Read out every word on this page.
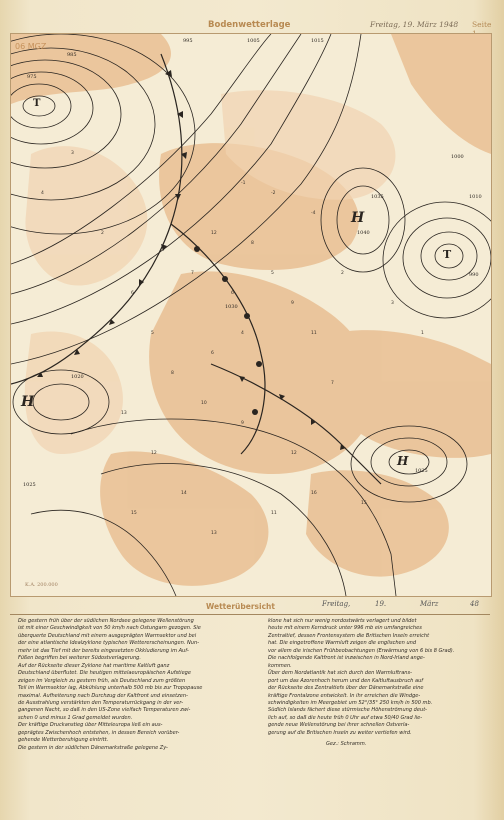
Bodenwetterlage	Freitag, 19. März 1948 Seite
12
8
7
6
5
9
11
4
6
8
10
9
12
7
5
13
12
14
15
13
11
16
15
3
4
2
6
2
3
1
-2
-4
-1
06 MGZ
1000
1010
990
975
985
995	1005	1015
1025
1025
1020
1030
1035
1040
H
H
H
T
T
K.A. 200.000
Wetterübersicht	Freitag,	19.	März	48

Die gestern früh über der südlichen Nordsee gelegene Wellenstörung

ist mit einer Geschwindigkeit von 50 km/h nach Ostungarn gezogen. Sie

überquerte Deutschland mit einem ausgeprägten Warmsektor und bei

der eine atlantische Idealzyklone typischen Wettererscheinungen. Nun-

mehr ist das Tief mit der bereits eingesetzten Okkludierung im Auf-

Füßen begriffen bei weiterer Südostverlagerung.

Auf der Rückseite dieser Zyklone hat maritime Kaltluft ganz

Deutschland überflutet. Die heutigen mittelaeuropäischen Aufstiege

zeigen im Vergleich zu gestern früh, als Deutschland zum größten

Teil im Warmsektor lag, Abkühlung unterhalb 500 mb bis zur Tropopause

maximal. Aufheiterung nach Durchzug der Kaltfront und einsetzen-

de Ausstrahlung verstärkten den Temperaturrückgang in der ver-

gangenen Nacht, so daß in den US-Zone vielfach Temperaturen zwi-

schen 0 und minus 1 Grad gemeldet wurden.

Der kräftige Druckanstieg über Mitteleuropa ließ ein aus-

geprägtes Zwischenhoch entstehen, in dessen Bereich vorüber-

gehende Wetterberuhigung eintritt.

Die gestern in der südlichen Dänemarkstraße gelegene Zy-

klone hat sich nur wenig nordostwärts verlagert und bildet

heute mit einem Kerndruck unter 996 mb ein umfangreiches

Zentraltief, dessen Frontensystem die Britischen Inseln erreicht

hat. Die eingetroffene Warmluft zeigen die englischen und

vor allem die irischen Frühbeobachtungen (Erwärmung von 6 bis 8 Grad).

Die nachfolgende Kaltfront ist inzwischen in Nord-Irland ange-

kommen.

Über dem Nordatlantik hat sich durch den Warmluftrans-

port um das Azorenhoch herum und den Kaltluftausbruch auf

der Rückseite des Zentraltiefs über der Dänemarkstraße eine

kräftige Frontalzone entwickelt. In ihr erreichen die Windge-

schwindigkeiten im Meergebiet um 52°/35° 250 km/h in 500 mb.

Südlich Islands fächert diese stürmische Höhenströmung deut-

lich auf, so daß die heute früh 0 Uhr auf etwa 50/40 Grad lie-

gende neue Wellenstörung bei ihrer schnellen Ostverla-

gerung auf die Britischen Inseln zu weiter vertiefen wird.

Gez.: Schramm.
